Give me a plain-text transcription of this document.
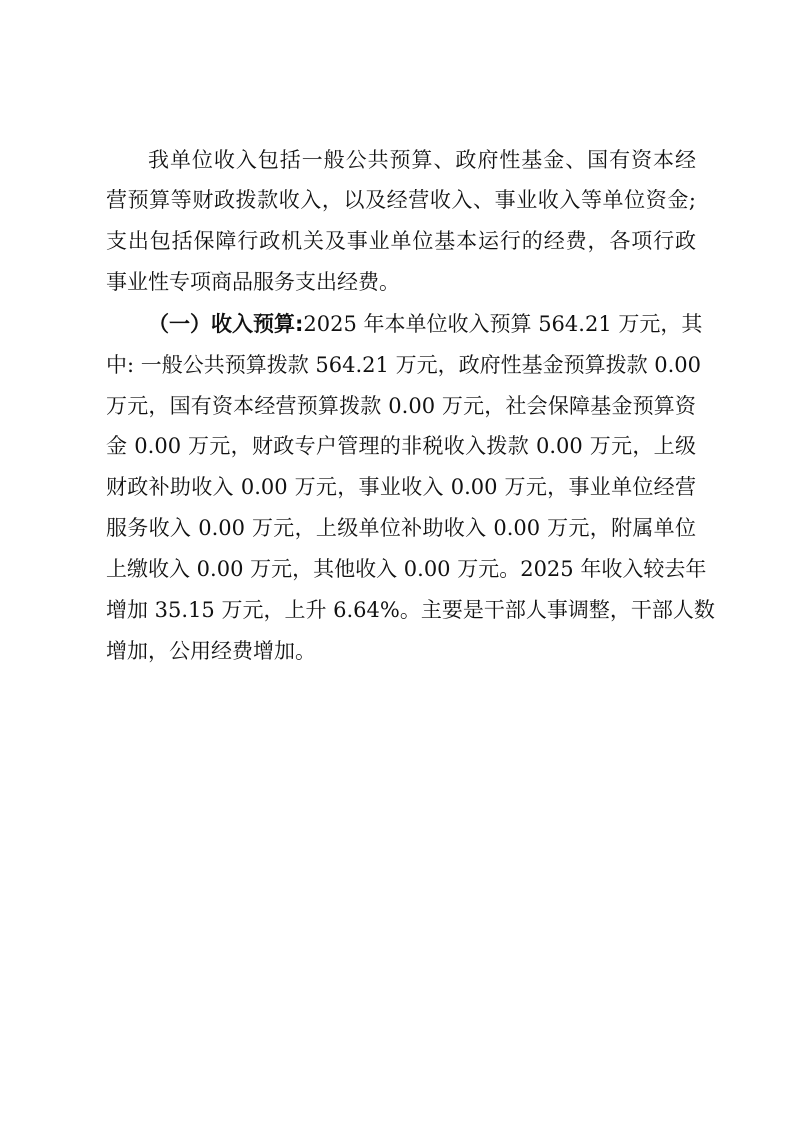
我单位收入包括一般公共预算、政府性基金、国有资本经
营预算等财政拨款收入，以及经营收入、事业收入等单位资金;
支出包括保障行政机关及事业单位基本运行的经费，各项行政
事业性专项商品服务支出经费。
（一）收入预算:2025 年本单位收入预算 564.21 万元，其
中: 一般公共预算拨款 564.21 万元，政府性基金预算拨款 0.00
万元，国有资本经营预算拨款 0.00 万元，社会保障基金预算资
金 0.00 万元，财政专户管理的非税收入拨款 0.00 万元，上级
财政补助收入 0.00 万元，事业收入 0.00 万元，事业单位经营
服务收入 0.00 万元，上级单位补助收入 0.00 万元，附属单位
上缴收入 0.00 万元，其他收入 0.00 万元。2025 年收入较去年
增加 35.15 万元，上升 6.64%。主要是干部人事调整，干部人数
增加，公用经费增加。
